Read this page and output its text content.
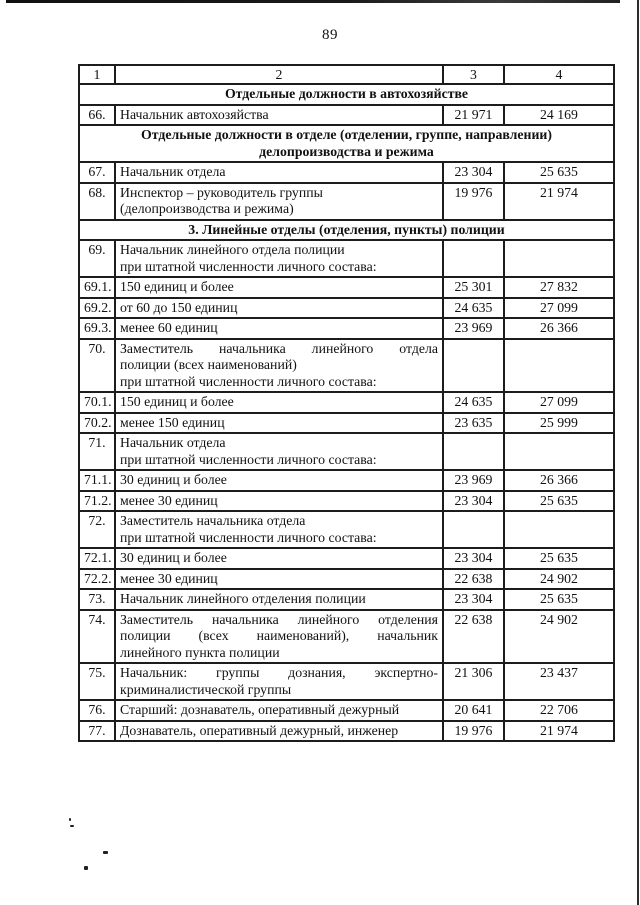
89
1	2	3	4

Отдельные должности в автохозяйстве			

66.	Начальник автохозяйства	21 971	24 169

Отдельные должности в отделе (отделении, группе, направлении)
делопроизводства и режима			

67.	Начальник отдела	23 304	25 635
68.	Инспектор – руководитель группы
(делопроизводства и режима)	19 976	21 974

3. Линейные отделы (отделения, пункты) полиции			

69.	Начальник линейного отдела полиции
при штатной численности личного состава:		

69.1.	150 единиц и более	25 301	27 832
69.2.	от 60 до 150 единиц	24 635	27 099
69.3.	менее 60 единиц	23 969	26 366
70.	Заместитель начальника линейного отдела
полиции (всех наименований)
при штатной численности личного состава:		

70.1.	150 единиц и более	24 635	27 099
70.2.	менее 150 единиц	23 635	25 999
71.	Начальник отдела
при штатной численности личного состава:		

71.1.	30 единиц и более	23 969	26 366
71.2.	менее 30 единиц	23 304	25 635
72.	Заместитель начальника отдела
при штатной численности личного состава:		

72.1.	30 единиц и более	23 304	25 635
72.2.	менее 30 единиц	22 638	24 902
73.	Начальник линейного отделения полиции	23 304	25 635
74.	Заместитель начальника линейного отделения
полиции (всех наименований), начальник
линейного пункта полиции	22 638	24 902
75.	Начальник: группы дознания, экспертно-
криминалистической группы	21 306	23 437
76.	Старший: дознаватель, оперативный дежурный	20 641	22 706
77.	Дознаватель, оперативный дежурный, инженер	19 976	21 974
